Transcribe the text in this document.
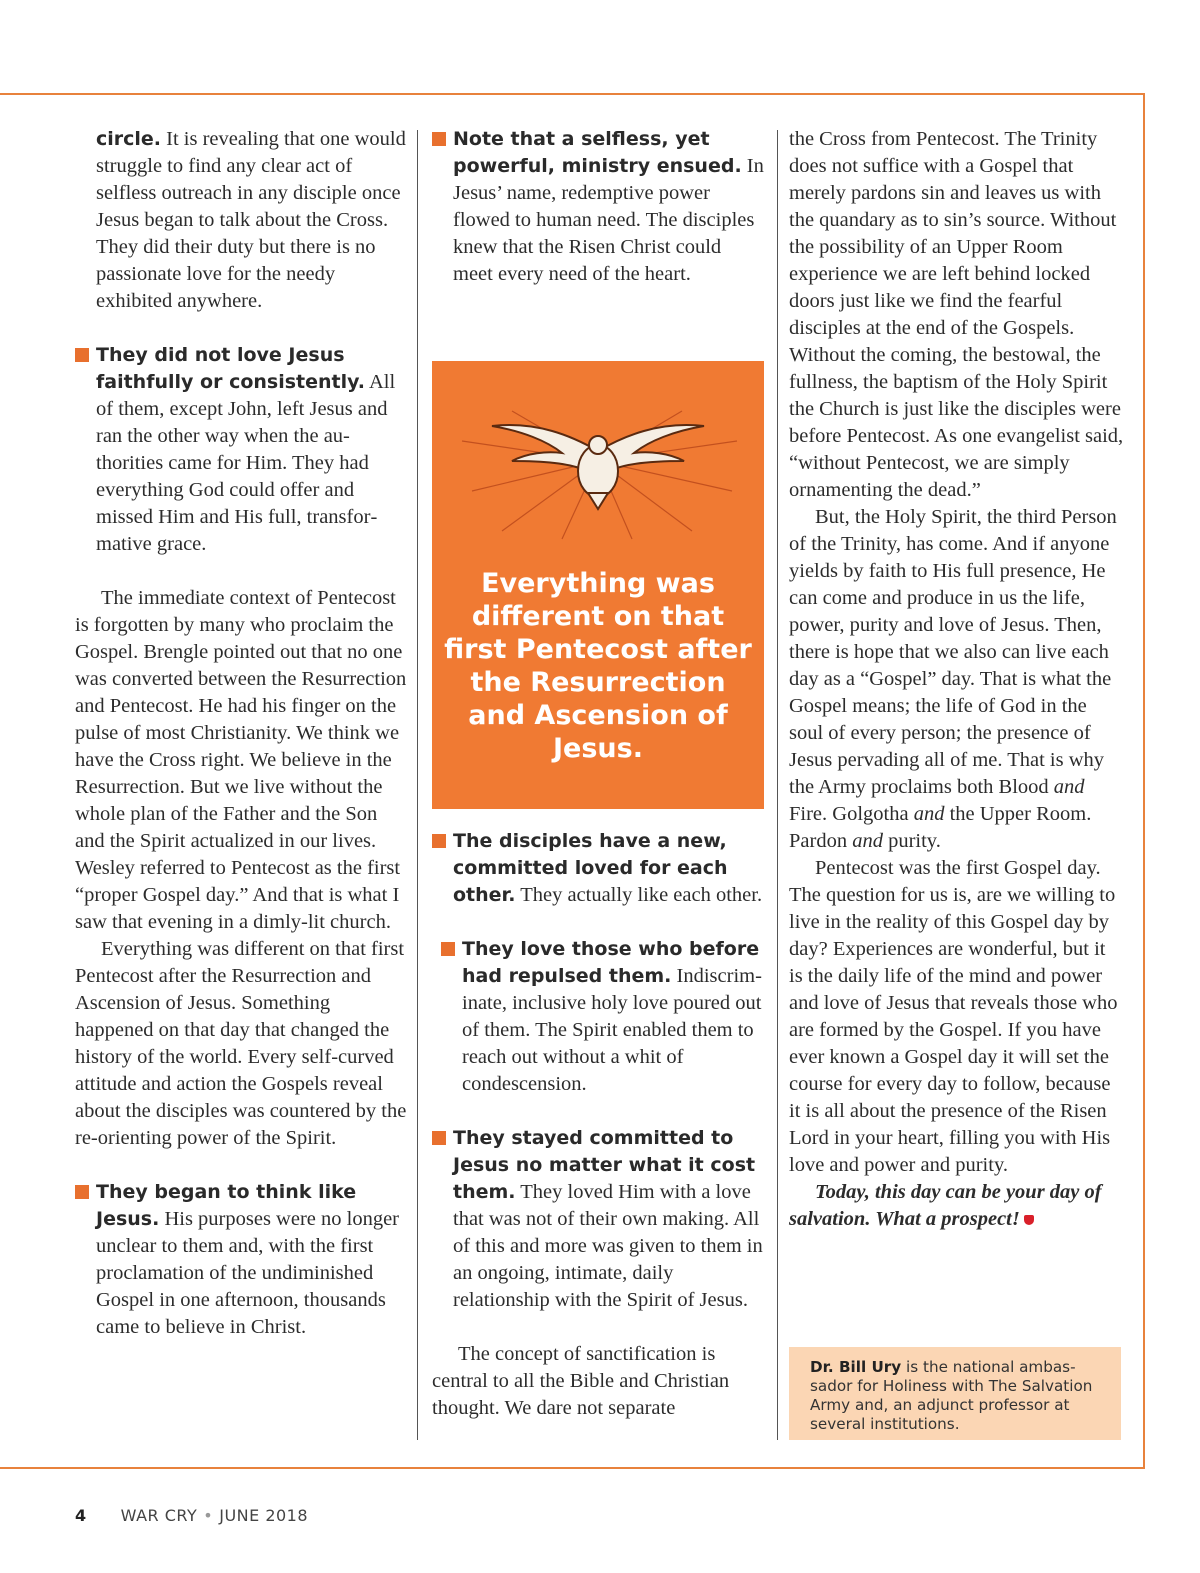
circle. It is revealing that one would struggle to find any clear act of selfless outreach in any disciple once Jesus began to talk about the Cross. They did their duty but there is no passionate love for the needy exhibited anywhere.

They did not love Jesus faithfully or consistently. All of them, except John, left Jesus and ran the other way when the authorities came for Him. They had everything God could offer and missed Him and His full, transformative grace.

The immediate context of Pentecost is forgotten by many who proclaim the Gospel. Brengle pointed out that no one was converted between the Resurrection and Pentecost. He had his finger on the pulse of most Christianity. We think we have the Cross right. We believe in the Resurrection. But we live without the whole plan of the Father and the Son and the Spirit actualized in our lives. Wesley referred to Pentecost as the first “proper Gospel day.” And that is what I saw that evening in a dimly-lit church.

Everything was different on that first Pentecost after the Resurrection and Ascension of Jesus. Something happened on that day that changed the history of the world. Every self-curved attitude and action the Gospels reveal about the disciples was countered by the re-orienting power of the Spirit.

They began to think like Jesus. His purposes were no longer unclear to them and, with the first proclamation of the undiminished Gospel in one afternoon, thousands came to believe in Christ.

Note that a selfless, yet powerful, ministry ensued. In Jesus’ name, redemptive power flowed to human need. The disciples knew that the Risen Christ could meet every need of the heart.

Everything was different on that first Pentecost after the Resurrection and Ascension of Jesus.

The disciples have a new, committed loved for each other. They actually like each other.

They love those who before had repulsed them. Indiscriminate, inclusive holy love poured out of them. The Spirit enabled them to reach out without a whit of condescension.

They stayed committed to Jesus no matter what it cost them. They loved Him with a love that was not of their own making. All of this and more was given to them in an ongoing, intimate, daily relationship with the Spirit of Jesus.

The concept of sanctification is central to all the Bible and Christian thought. We dare not separate

the Cross from Pentecost. The Trinity does not suffice with a Gospel that merely pardons sin and leaves us with the quandary as to sin’s source. Without the possibility of an Upper Room experience we are left behind locked doors just like we find the fearful disciples at the end of the Gospels. Without the coming, the bestowal, the fullness, the baptism of the Holy Spirit the Church is just like the disciples were before Pentecost. As one evangelist said, “without Pentecost, we are simply ornamenting the dead.”

But, the Holy Spirit, the third Person of the Trinity, has come. And if anyone yields by faith to His full presence, He can come and produce in us the life, power, purity and love of Jesus. Then, there is hope that we also can live each day as a “Gospel” day. That is what the Gospel means; the life of God in the soul of every person; the presence of Jesus pervading all of me. That is why the Army proclaims both Blood and Fire. Golgotha and the Upper Room. Pardon and purity.

Pentecost was the first Gospel day. The question for us is, are we willing to live in the reality of this Gospel day by day? Experiences are wonderful, but it is the daily life of the mind and power and love of Jesus that reveals those who are formed by the Gospel. If you have ever known a Gospel day it will set the course for every day to follow, because it is all about the presence of the Risen Lord in your heart, filling you with His love and power and purity.

Today, this day can be your day of salvation. What a prospect!

Dr. Bill Ury is the national ambassador for Holiness with The Salvation Army and, an adjunct professor at several institutions.
4 WAR CRY • JUNE 2018
